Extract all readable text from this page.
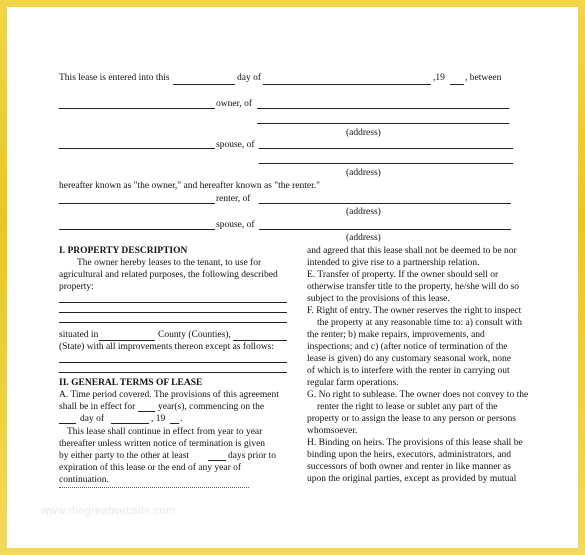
This lease is entered into this	day of	,19 , between
owner, of
(address)
spouse, of
(address)
hereafter known as "the owner," and hereafter known as "the renter."
renter, of
(address)
spouse, of
(address)
I. PROPERTY DESCRIPTION
The owner hereby leases to the tenant, to use for
agricultural and related purposes, the following described
property:
situated in	County (Counties),
(State) with all improvements thereon except as follows:
II. GENERAL TERMS OF LEASE
A. Time period covered. The provisions of this agreement
shall be in effect for year(s), commencing on the
day of	, 19 .
This lease shall continue in effect from year to year
thereafter unless written notice of termination is given
by either party to the other at least	days prior to
expiration of this lease or the end of any year of
continuation.
and agreed that this lease shall not be deemed to be nor
intended to give rise to a partnership relation.
E. Transfer of property. If the owner should sell or
otherwise transfer title to the property, he/she will do so
subject to the provisions of this lease.
F. Right of entry. The owner reserves the right to inspect
the property at any reasonable time to: a) consult with
the renter; b) make repairs, improvements, and
inspections; and c) (after notice of termination of the
lease is given) do any customary seasonal work, none
of which is to interfere with the renter in carrying out
regular farm operations.
G. No right to sublease. The owner does not convey to the
renter the right to lease or sublet any part of the
property or to assign the lease to any person or persons
whomsoever.
H. Binding on heirs. The provisions of this lease shall be
binding upon the heirs, executors, administrators, and
successors of both owner and renter in like manner as
upon the original parties, except as provided by mutual
www.thegreatwebsite.com
